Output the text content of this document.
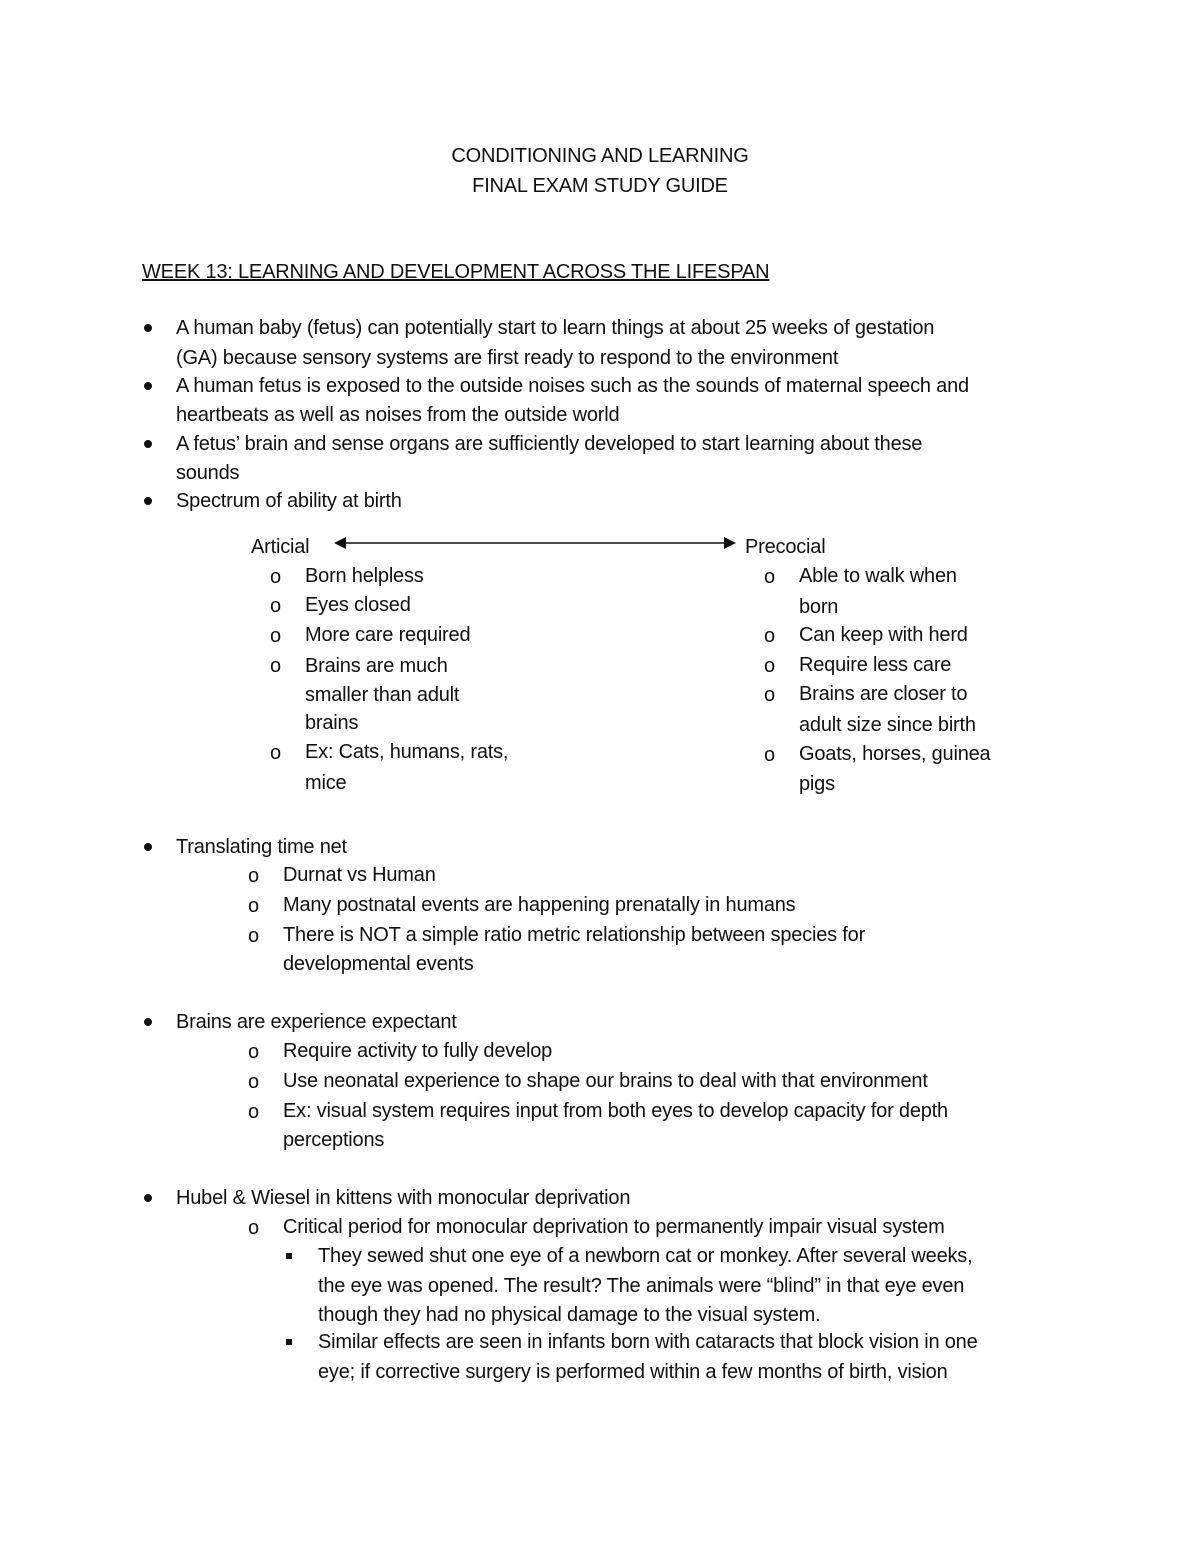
CONDITIONING AND LEARNING

FINAL EXAM STUDY GUIDE

WEEK 13: LEARNING AND DEVELOPMENT ACROSS THE LIFESPAN

A human baby (fetus) can potentially start to learn things at about 25 weeks of gestation

(GA) because sensory systems are first ready to respond to the environment

A human fetus is exposed to the outside noises such as the sounds of maternal speech and

heartbeats as well as noises from the outside world

A fetus’ brain and sense organs are sufficiently developed to start learning about these

sounds

Spectrum of ability at birth

Articial	Precocial

o Born helpless

o Eyes closed

o More care required

o Brains are much

smaller than adult

brains

o Ex: Cats, humans, rats,

mice

o Able to walk when

born

o Can keep with herd

o Require less care

o Brains are closer to

adult size since birth

o Goats, horses, guinea

pigs

Translating time net

o Durnat vs Human

o Many postnatal events are happening prenatally in humans

o There is NOT a simple ratio metric relationship between species for

developmental events

Brains are experience expectant

o Require activity to fully develop

o Use neonatal experience to shape our brains to deal with that environment

o Ex: visual system requires input from both eyes to develop capacity for depth

perceptions

Hubel & Wiesel in kittens with monocular deprivation

o Critical period for monocular deprivation to permanently impair visual system

They sewed shut one eye of a newborn cat or monkey. After several weeks,

the eye was opened. The result? The animals were “blind” in that eye even

though they had no physical damage to the visual system.

Similar effects are seen in infants born with cataracts that block vision in one

eye; if corrective surgery is performed within a few months of birth, vision
